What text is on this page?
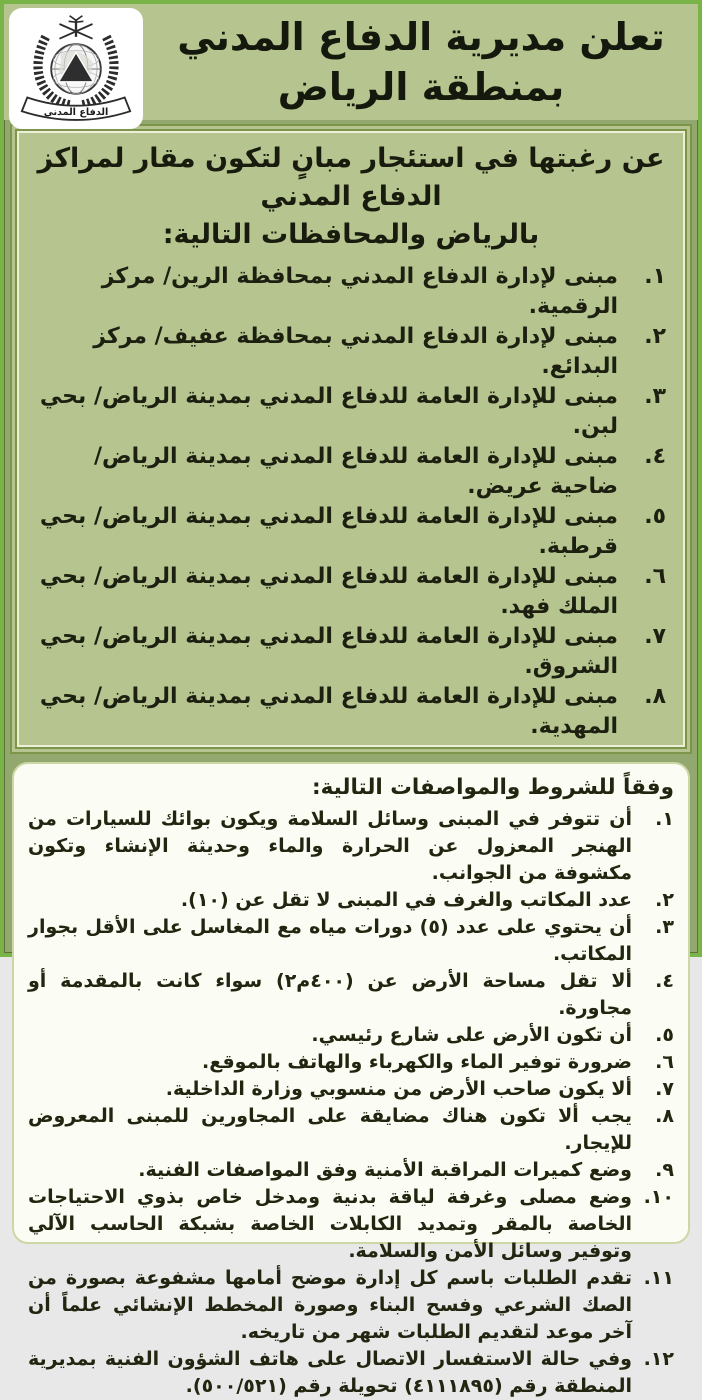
الدفاع المدني
تعلن مديرية الدفاع المدني
بمنطقة الرياض
عن رغبتها في استئجار مبانٍ لتكون مقار لمراكز الدفاع المدني
بالرياض والمحافظات التالية:
١.
مبنى لإدارة الدفاع المدني بمحافظة الرين/ مركز الرقمية.
٢.
مبنى لإدارة الدفاع المدني بمحافظة عفيف/ مركز البدائع.
٣.
مبنى للإدارة العامة للدفاع المدني بمدينة الرياض/ بحي لبن.
٤.
مبنى للإدارة العامة للدفاع المدني بمدينة الرياض/ ضاحية عريض.
٥.
مبنى للإدارة العامة للدفاع المدني بمدينة الرياض/ بحي قرطبة.
٦.
مبنى للإدارة العامة للدفاع المدني بمدينة الرياض/ بحي الملك فهد.
٧.
مبنى للإدارة العامة للدفاع المدني بمدينة الرياض/ بحي الشروق.
٨.
مبنى للإدارة العامة للدفاع المدني بمدينة الرياض/ بحي المهدية.
وفقاً للشروط والمواصفات التالية:
١.
أن تتوفر في المبنى وسائل السلامة ويكون بوائك للسيارات من الهنجر المعزول عن الحرارة والماء وحديثة الإنشاء وتكون مكشوفة من الجوانب.
٢.
عدد المكاتب والغرف في المبنى لا تقل عن (١٠).
٣.
أن يحتوي على عدد (٥) دورات مياه مع المغاسل على الأقل بجوار المكاتب.
٤.
ألا تقل مساحة الأرض عن (⁦٤٠٠م٢⁩) سواء كانت بالمقدمة أو مجاورة.
٥.
أن تكون الأرض على شارع رئيسي.
٦.
ضرورة توفير الماء والكهرباء والهاتف بالموقع.
٧.
ألا يكون صاحب الأرض من منسوبي وزارة الداخلية.
٨.
يجب ألا تكون هناك مضايقة على المجاورين للمبنى المعروض للإيجار.
٩.
وضع كميرات المراقبة الأمنية وفق المواصفات الفنية.
١٠.
وضع مصلى وغرفة لياقة بدنية ومدخل خاص بذوي الاحتياجات الخاصة بالمقر وتمديد الكابلات الخاصة بشبكة الحاسب الآلي وتوفير وسائل الأمن والسلامة.
١١.
تقدم الطلبات باسم كل إدارة موضح أمامها مشفوعة بصورة من الصك الشرعي وفسح البناء وصورة المخطط الإنشائي علماً أن آخر موعد لتقديم الطلبات شهر من تاريخه.
١٢.
وفي حالة الاستفسار الاتصال على هاتف الشؤون الفنية بمديرية المنطقة رقم (٤١١١٨٩٥) تحويلة رقم (٥٠٠/٥٢١).
